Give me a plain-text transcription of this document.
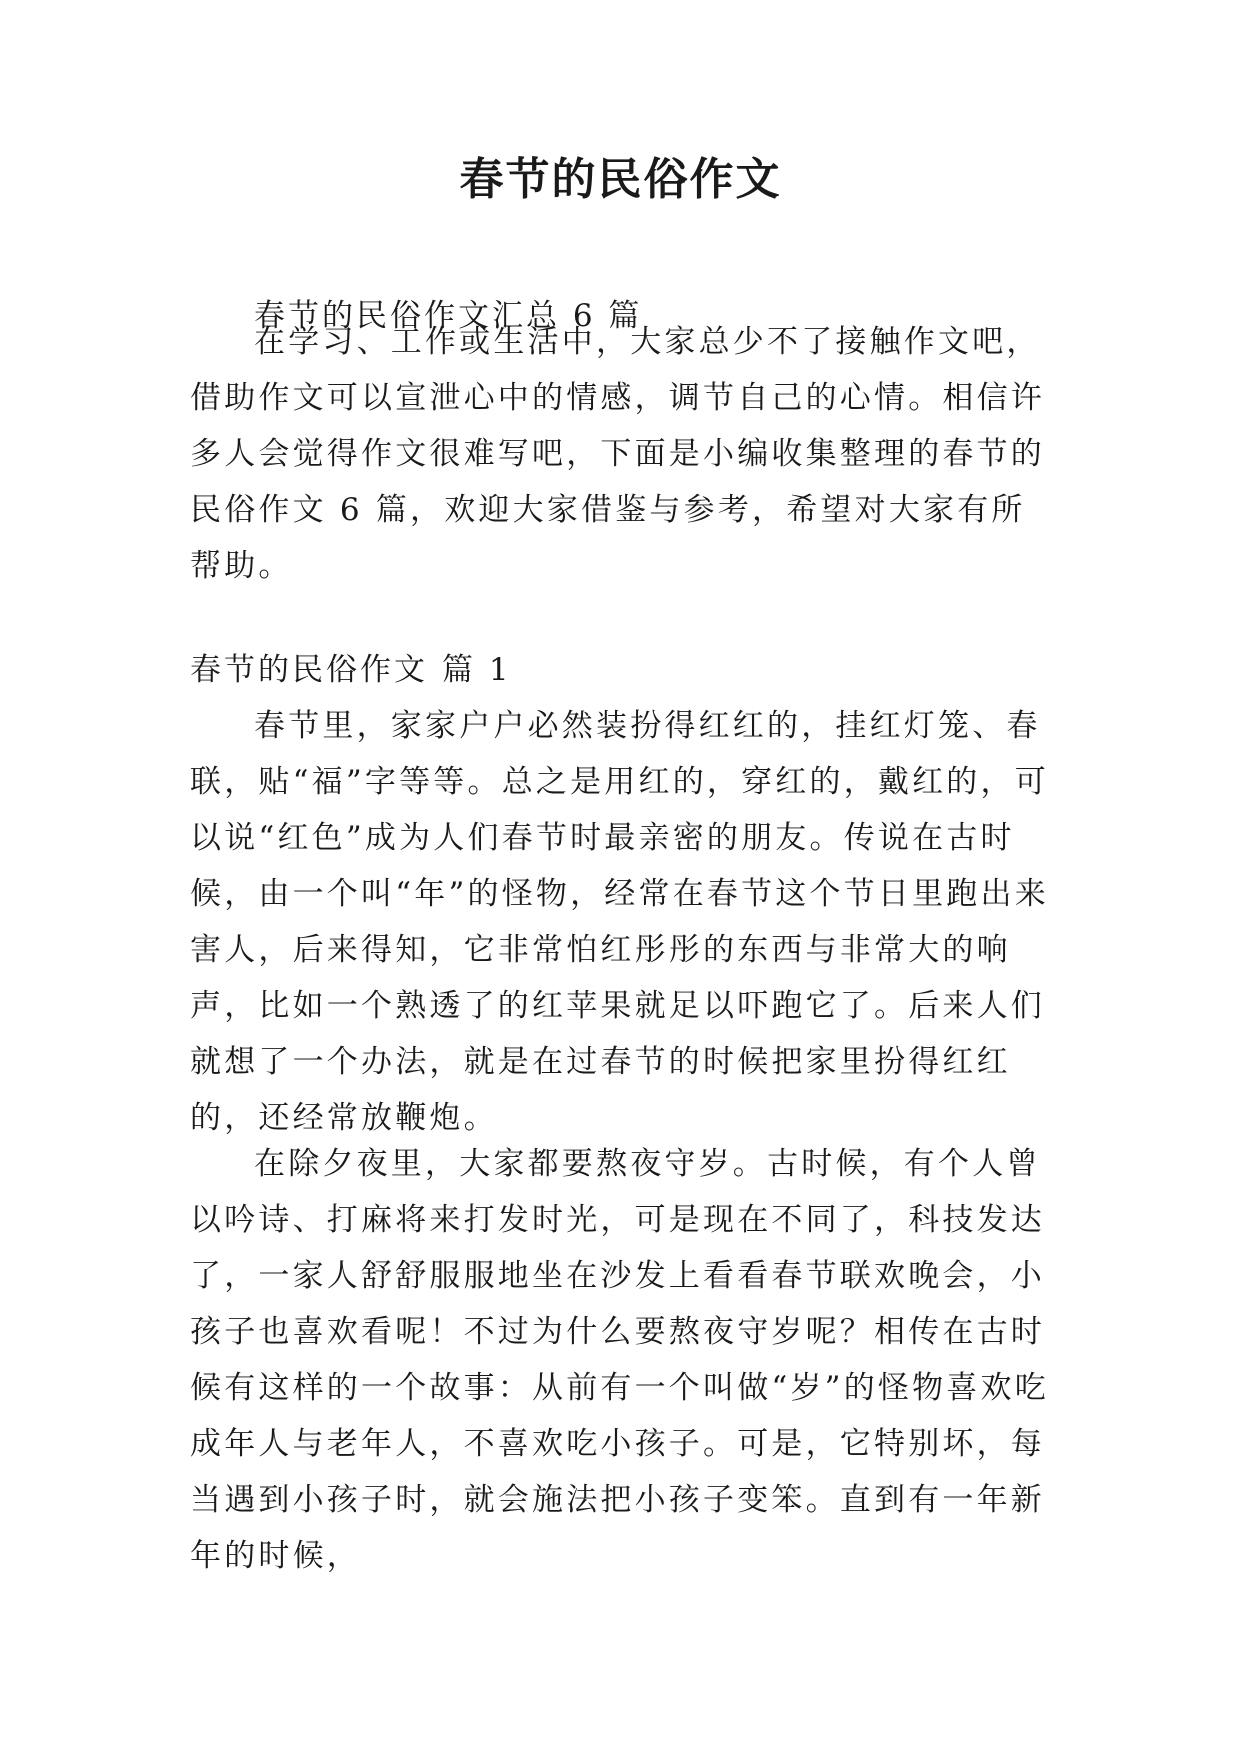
春节的民俗作文
春节的民俗作文汇总 6 篇

在学习、工作或生活中，大家总少不了接触作文吧，借助作文可以宣泄心中的情感，调节自己的心情。相信许多人会觉得作文很难写吧，下面是小编收集整理的春节的民俗作文 6 篇，欢迎大家借鉴与参考，希望对大家有所帮助。

春节的民俗作文 篇 1

春节里，家家户户必然装扮得红红的，挂红灯笼、春联，贴“福”字等等。总之是用红的，穿红的，戴红的，可以说“红色”成为人们春节时最亲密的朋友。传说在古时候，由一个叫“年”的怪物，经常在春节这个节日里跑出来害人，后来得知，它非常怕红彤彤的东西与非常大的响声，比如一个熟透了的红苹果就足以吓跑它了。后来人们就想了一个办法，就是在过春节的时候把家里扮得红红的，还经常放鞭炮。

在除夕夜里，大家都要熬夜守岁。古时候，有个人曾以吟诗、打麻将来打发时光，可是现在不同了，科技发达了，一家人舒舒服服地坐在沙发上看看春节联欢晚会，小孩子也喜欢看呢！不过为什么要熬夜守岁呢？相传在古时候有这样的一个故事：从前有一个叫做“岁”的怪物喜欢吃成年人与老年人，不喜欢吃小孩子。可是，它特别坏，每当遇到小孩子时，就会施法把小孩子变笨。直到有一年新年的时候，
